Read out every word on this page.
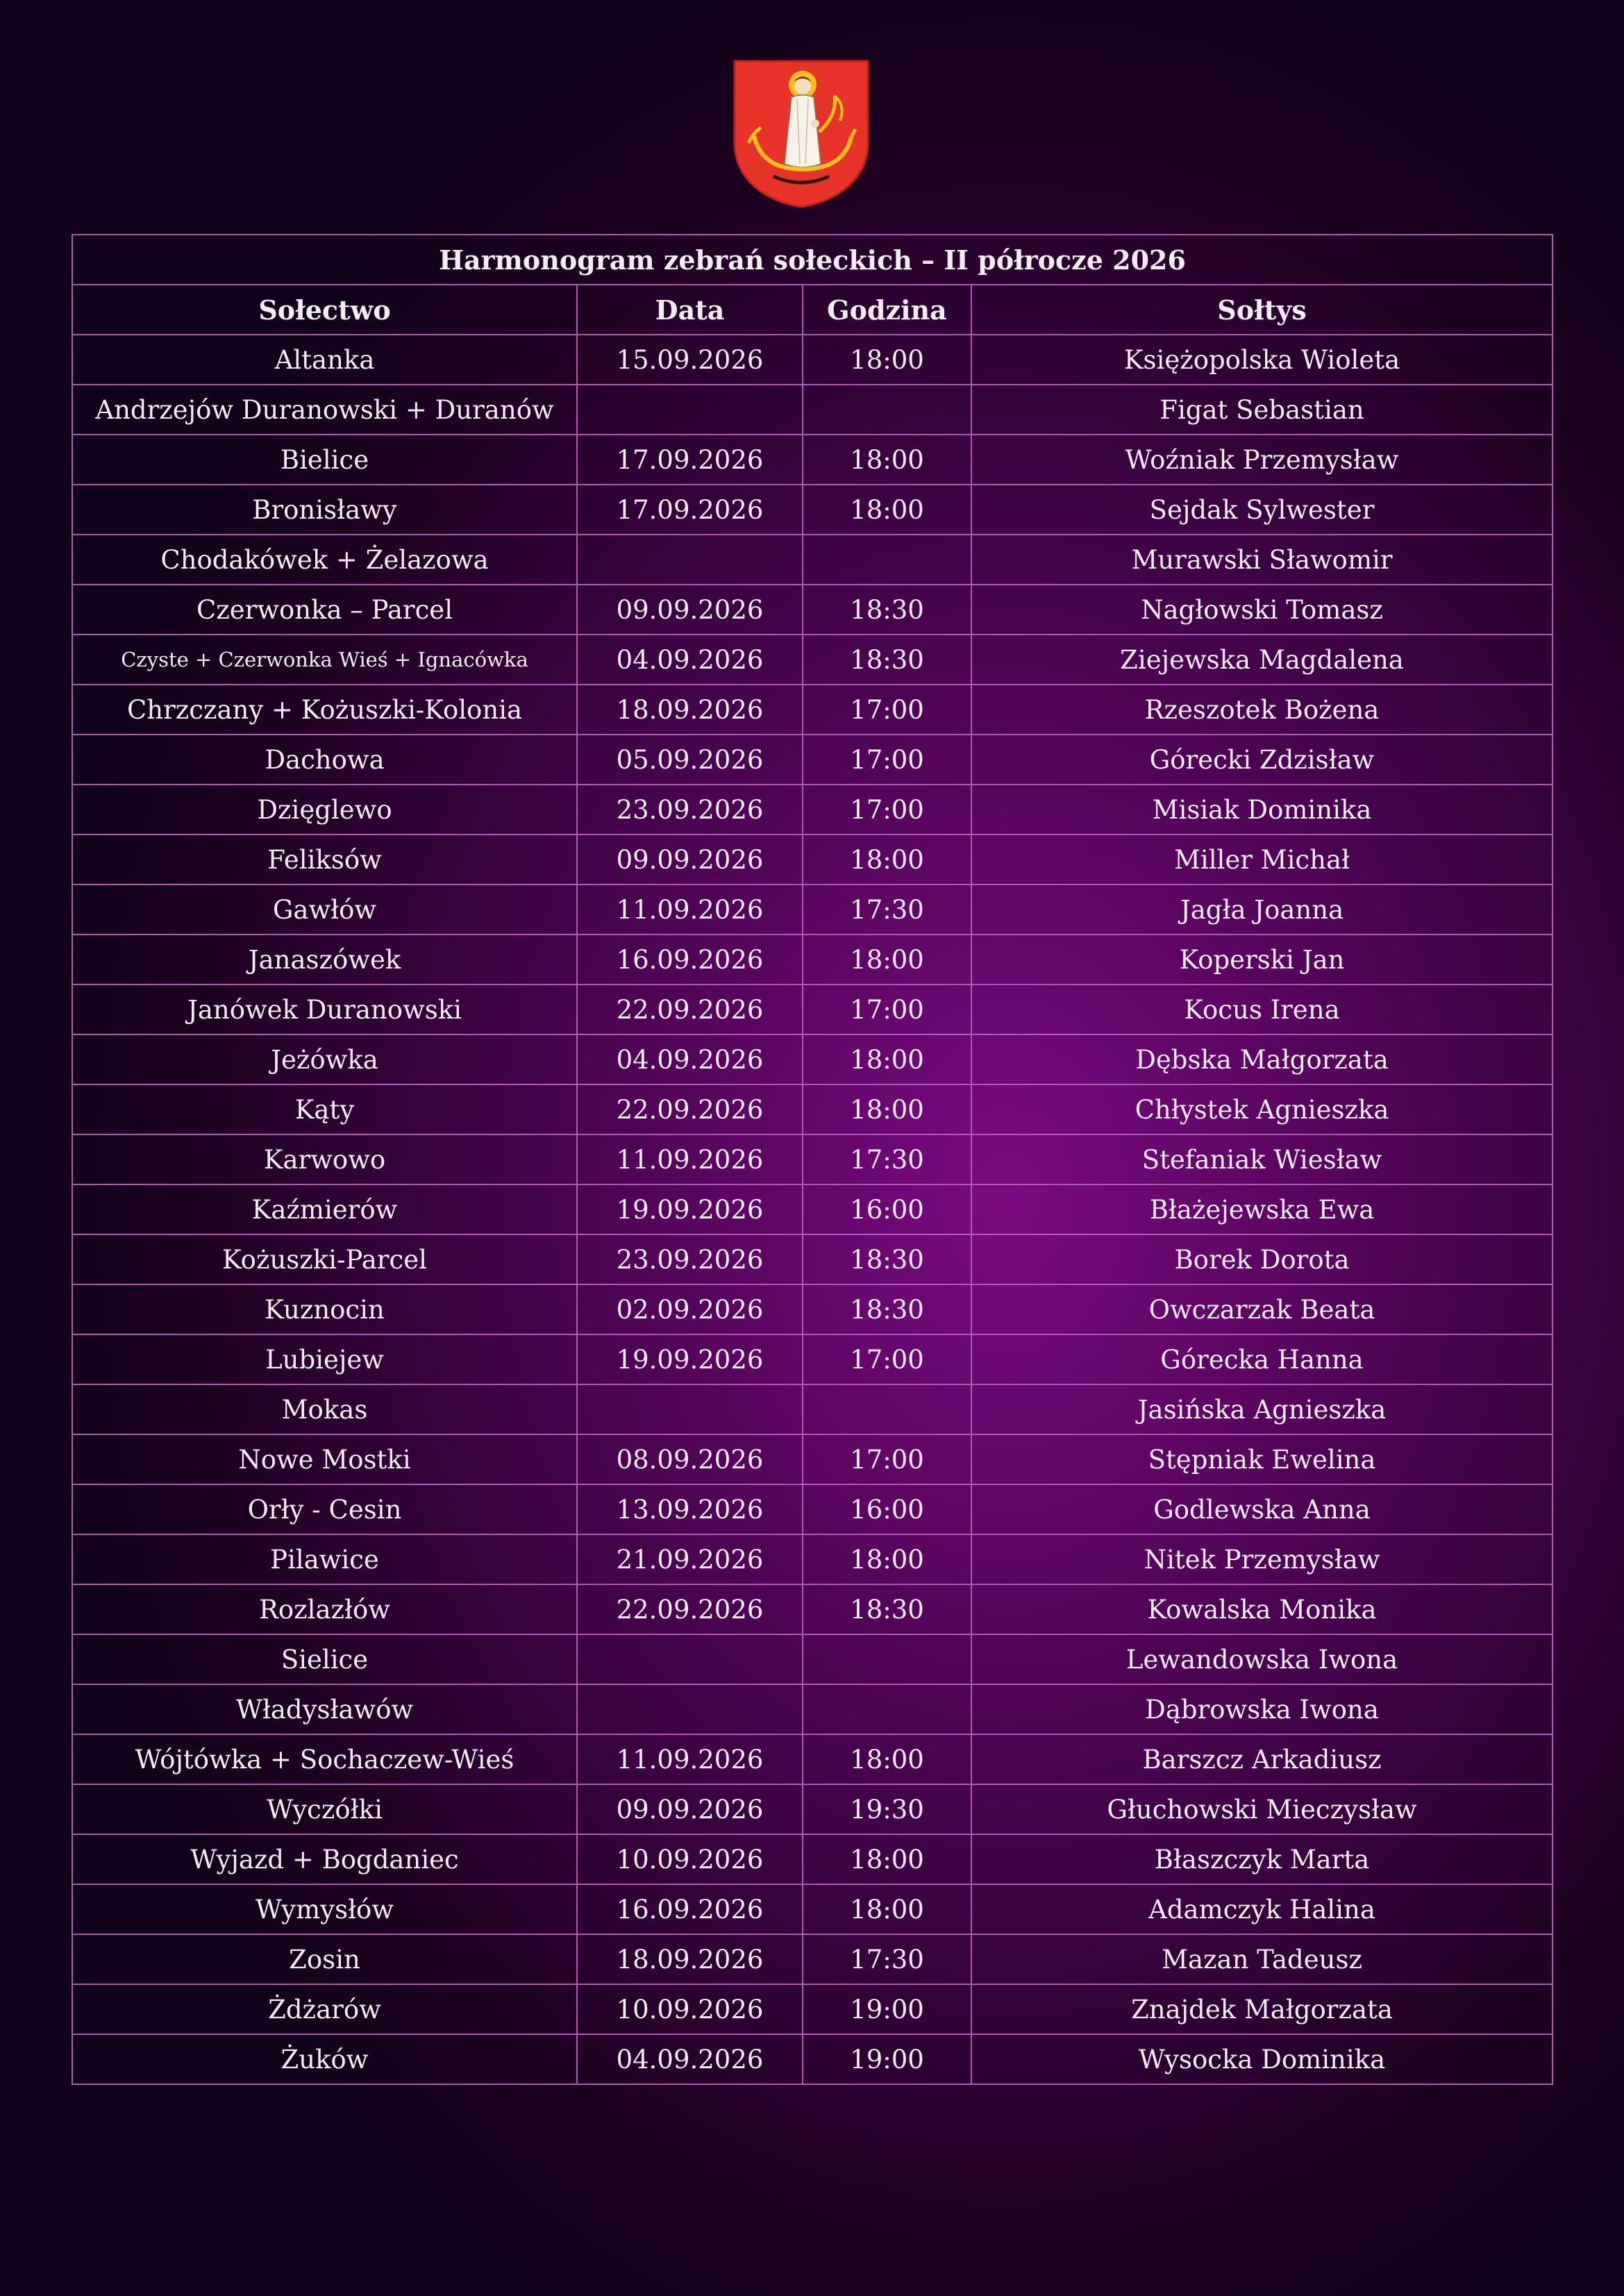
Harmonogram zebrań sołeckich – II półrocze 2026			
Sołectwo	Data	Godzina	Sołtys
Altanka	15.09.2026	18:00	Księżopolska Wioleta
Andrzejów Duranowski + Duranów			Figat Sebastian
Bielice	17.09.2026	18:00	Woźniak Przemysław
Bronisławy	17.09.2026	18:00	Sejdak Sylwester
Chodakówek + Żelazowa			Murawski Sławomir
Czerwonka – Parcel	09.09.2026	18:30	Nagłowski Tomasz
Czyste + Czerwonka Wieś + Ignacówka	04.09.2026	18:30	Ziejewska Magdalena
Chrzczany + Kożuszki-Kolonia	18.09.2026	17:00	Rzeszotek Bożena
Dachowa	05.09.2026	17:00	Górecki Zdzisław
Dzięglewo	23.09.2026	17:00	Misiak Dominika
Feliksów	09.09.2026	18:00	Miller Michał
Gawłów	11.09.2026	17:30	Jagła Joanna
Janaszówek	16.09.2026	18:00	Koperski Jan
Janówek Duranowski	22.09.2026	17:00	Kocus Irena
Jeżówka	04.09.2026	18:00	Dębska Małgorzata
Kąty	22.09.2026	18:00	Chłystek Agnieszka
Karwowo	11.09.2026	17:30	Stefaniak Wiesław
Kaźmierów	19.09.2026	16:00	Błażejewska Ewa
Kożuszki-Parcel	23.09.2026	18:30	Borek Dorota
Kuznocin	02.09.2026	18:30	Owczarzak Beata
Lubiejew	19.09.2026	17:00	Górecka Hanna
Mokas			Jasińska Agnieszka
Nowe Mostki	08.09.2026	17:00	Stępniak Ewelina
Orły - Cesin	13.09.2026	16:00	Godlewska Anna
Pilawice	21.09.2026	18:00	Nitek Przemysław
Rozlazłów	22.09.2026	18:30	Kowalska Monika
Sielice			Lewandowska Iwona
Władysławów			Dąbrowska Iwona
Wójtówka + Sochaczew-Wieś	11.09.2026	18:00	Barszcz Arkadiusz
Wyczółki	09.09.2026	19:30	Głuchowski Mieczysław
Wyjazd + Bogdaniec	10.09.2026	18:00	Błaszczyk Marta
Wymysłów	16.09.2026	18:00	Adamczyk Halina
Zosin	18.09.2026	17:30	Mazan Tadeusz
Żdżarów	10.09.2026	19:00	Znajdek Małgorzata
Żuków	04.09.2026	19:00	Wysocka Dominika
